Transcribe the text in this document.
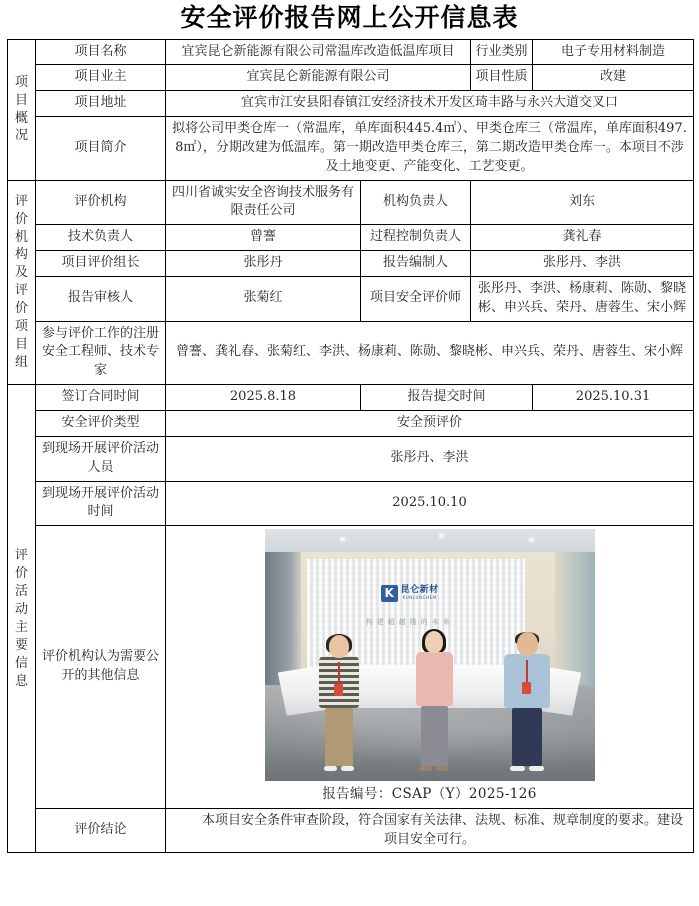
安全评价报告网上公开信息表
项目概况	项目名称	宜宾昆仑新能源有限公司常温库改造低温库项目		行业类别	电子专用材料制造
	项目业主	宜宾昆仑新能源有限公司		项目性质	改建
	项目地址	宜宾市江安县阳春镇江安经济技术开发区琦丰路与永兴大道交叉口			
	项目简介	拟将公司甲类仓库一（常温库，单库面积445.4㎡）、甲类仓库三（常温库，单库面积497.8㎡），分期改建为低温库。第一期改造甲类仓库三，第二期改造甲类仓库一。本项目不涉及土地变更、产能变化、工艺变更。			

评价机构及评价项目组	评价机构	四川省诚实安全咨询技术服务有限责任公司	机构负责人	刘东	
	技术负责人	曾謇	过程控制负责人	龚礼春	
	项目评价组长	张彤丹	报告编制人	张彤丹、李洪	
	报告审核人	张菊红	项目安全评价师	张彤丹、李洪、杨康莉、陈勋、黎晓彬、申兴兵、荣丹、唐蓉生、宋小辉	
	参与评价工作的注册安全工程师、技术专家	曾謇、龚礼春、张菊红、李洪、杨康莉、陈勋、黎晓彬、申兴兵、荣丹、唐蓉生、宋小辉			

评价活动主要信息	签订合同时间	2025.8.18	报告提交时间		2025.10.31
	安全评价类型	安全预评价			
	到现场开展评价活动人员	张彤丹、李洪			
	到现场开展评价活动时间	2025.10.10			
	评价机构认为需要公开的其他信息	K 昆仑新材
KUNLUNCHEM
构建超越隆的未来
报告编号：CSAP（Y）2025-126			

	评价结论	本项目安全条件审查阶段，符合国家有关法律、法规、标准、规章制度的要求。建设项目安全可行。			
